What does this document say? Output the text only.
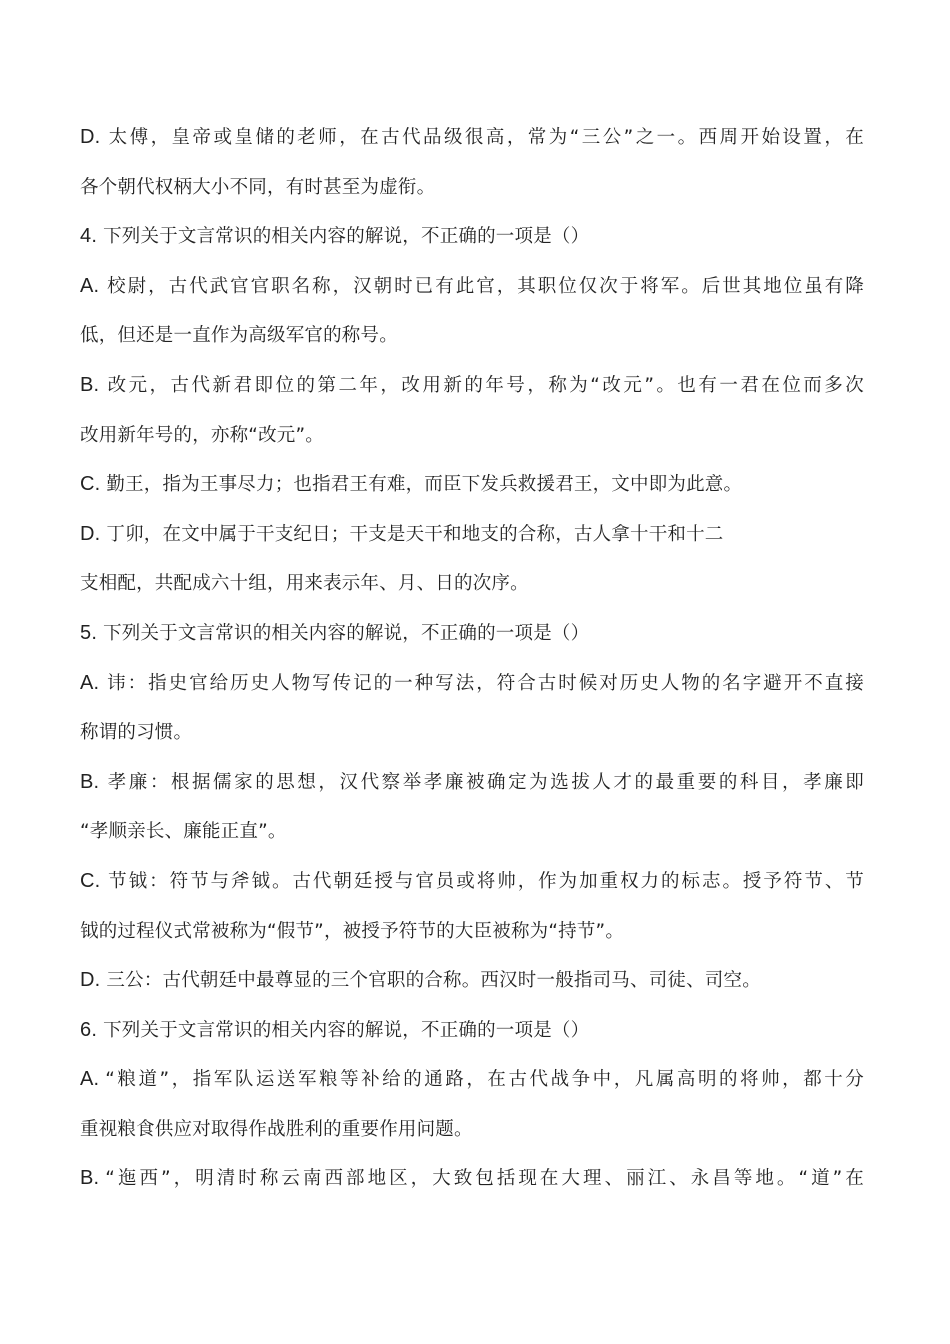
D. 太傅，皇帝或皇储的老师，在古代品级很高，常为“三公”之一。西周开始设置，在
各个朝代权柄大小不同，有时甚至为虚衔。
4. 下列关于文言常识的相关内容的解说，不正确的一项是（）
A. 校尉，古代武官官职名称，汉朝时已有此官，其职位仅次于将军。后世其地位虽有降
低，但还是一直作为高级军官的称号。
B. 改元，古代新君即位的第二年，改用新的年号，称为“改元”。也有一君在位而多次
改用新年号的，亦称“改元”。
C. 勤王，指为王事尽力；也指君王有难，而臣下发兵救援君王，文中即为此意。
D. 丁卯，在文中属于干支纪日；干支是天干和地支的合称，古人拿十干和十二
支相配，共配成六十组，用来表示年、月、日的次序。
5. 下列关于文言常识的相关内容的解说，不正确的一项是（）
A. 讳：指史官给历史人物写传记的一种写法，符合古时候对历史人物的名字避开不直接
称谓的习惯。
B. 孝廉：根据儒家的思想，汉代察举孝廉被确定为选拔人才的最重要的科目，孝廉即
“孝顺亲长、廉能正直”。
C. 节钺：符节与斧钺。古代朝廷授与官员或将帅，作为加重权力的标志。授予符节、节
钺的过程仪式常被称为“假节”，被授予符节的大臣被称为“持节”。
D. 三公：古代朝廷中最尊显的三个官职的合称。西汉时一般指司马、司徒、司空。
6. 下列关于文言常识的相关内容的解说，不正确的一项是（）
A. “粮道”，指军队运送军粮等补给的通路，在古代战争中，凡属高明的将帅，都十分
重视粮食供应对取得作战胜利的重要作用问题。
B. “迤西”，明清时称云南西部地区，大致包括现在大理、丽江、永昌等地。“道”在
